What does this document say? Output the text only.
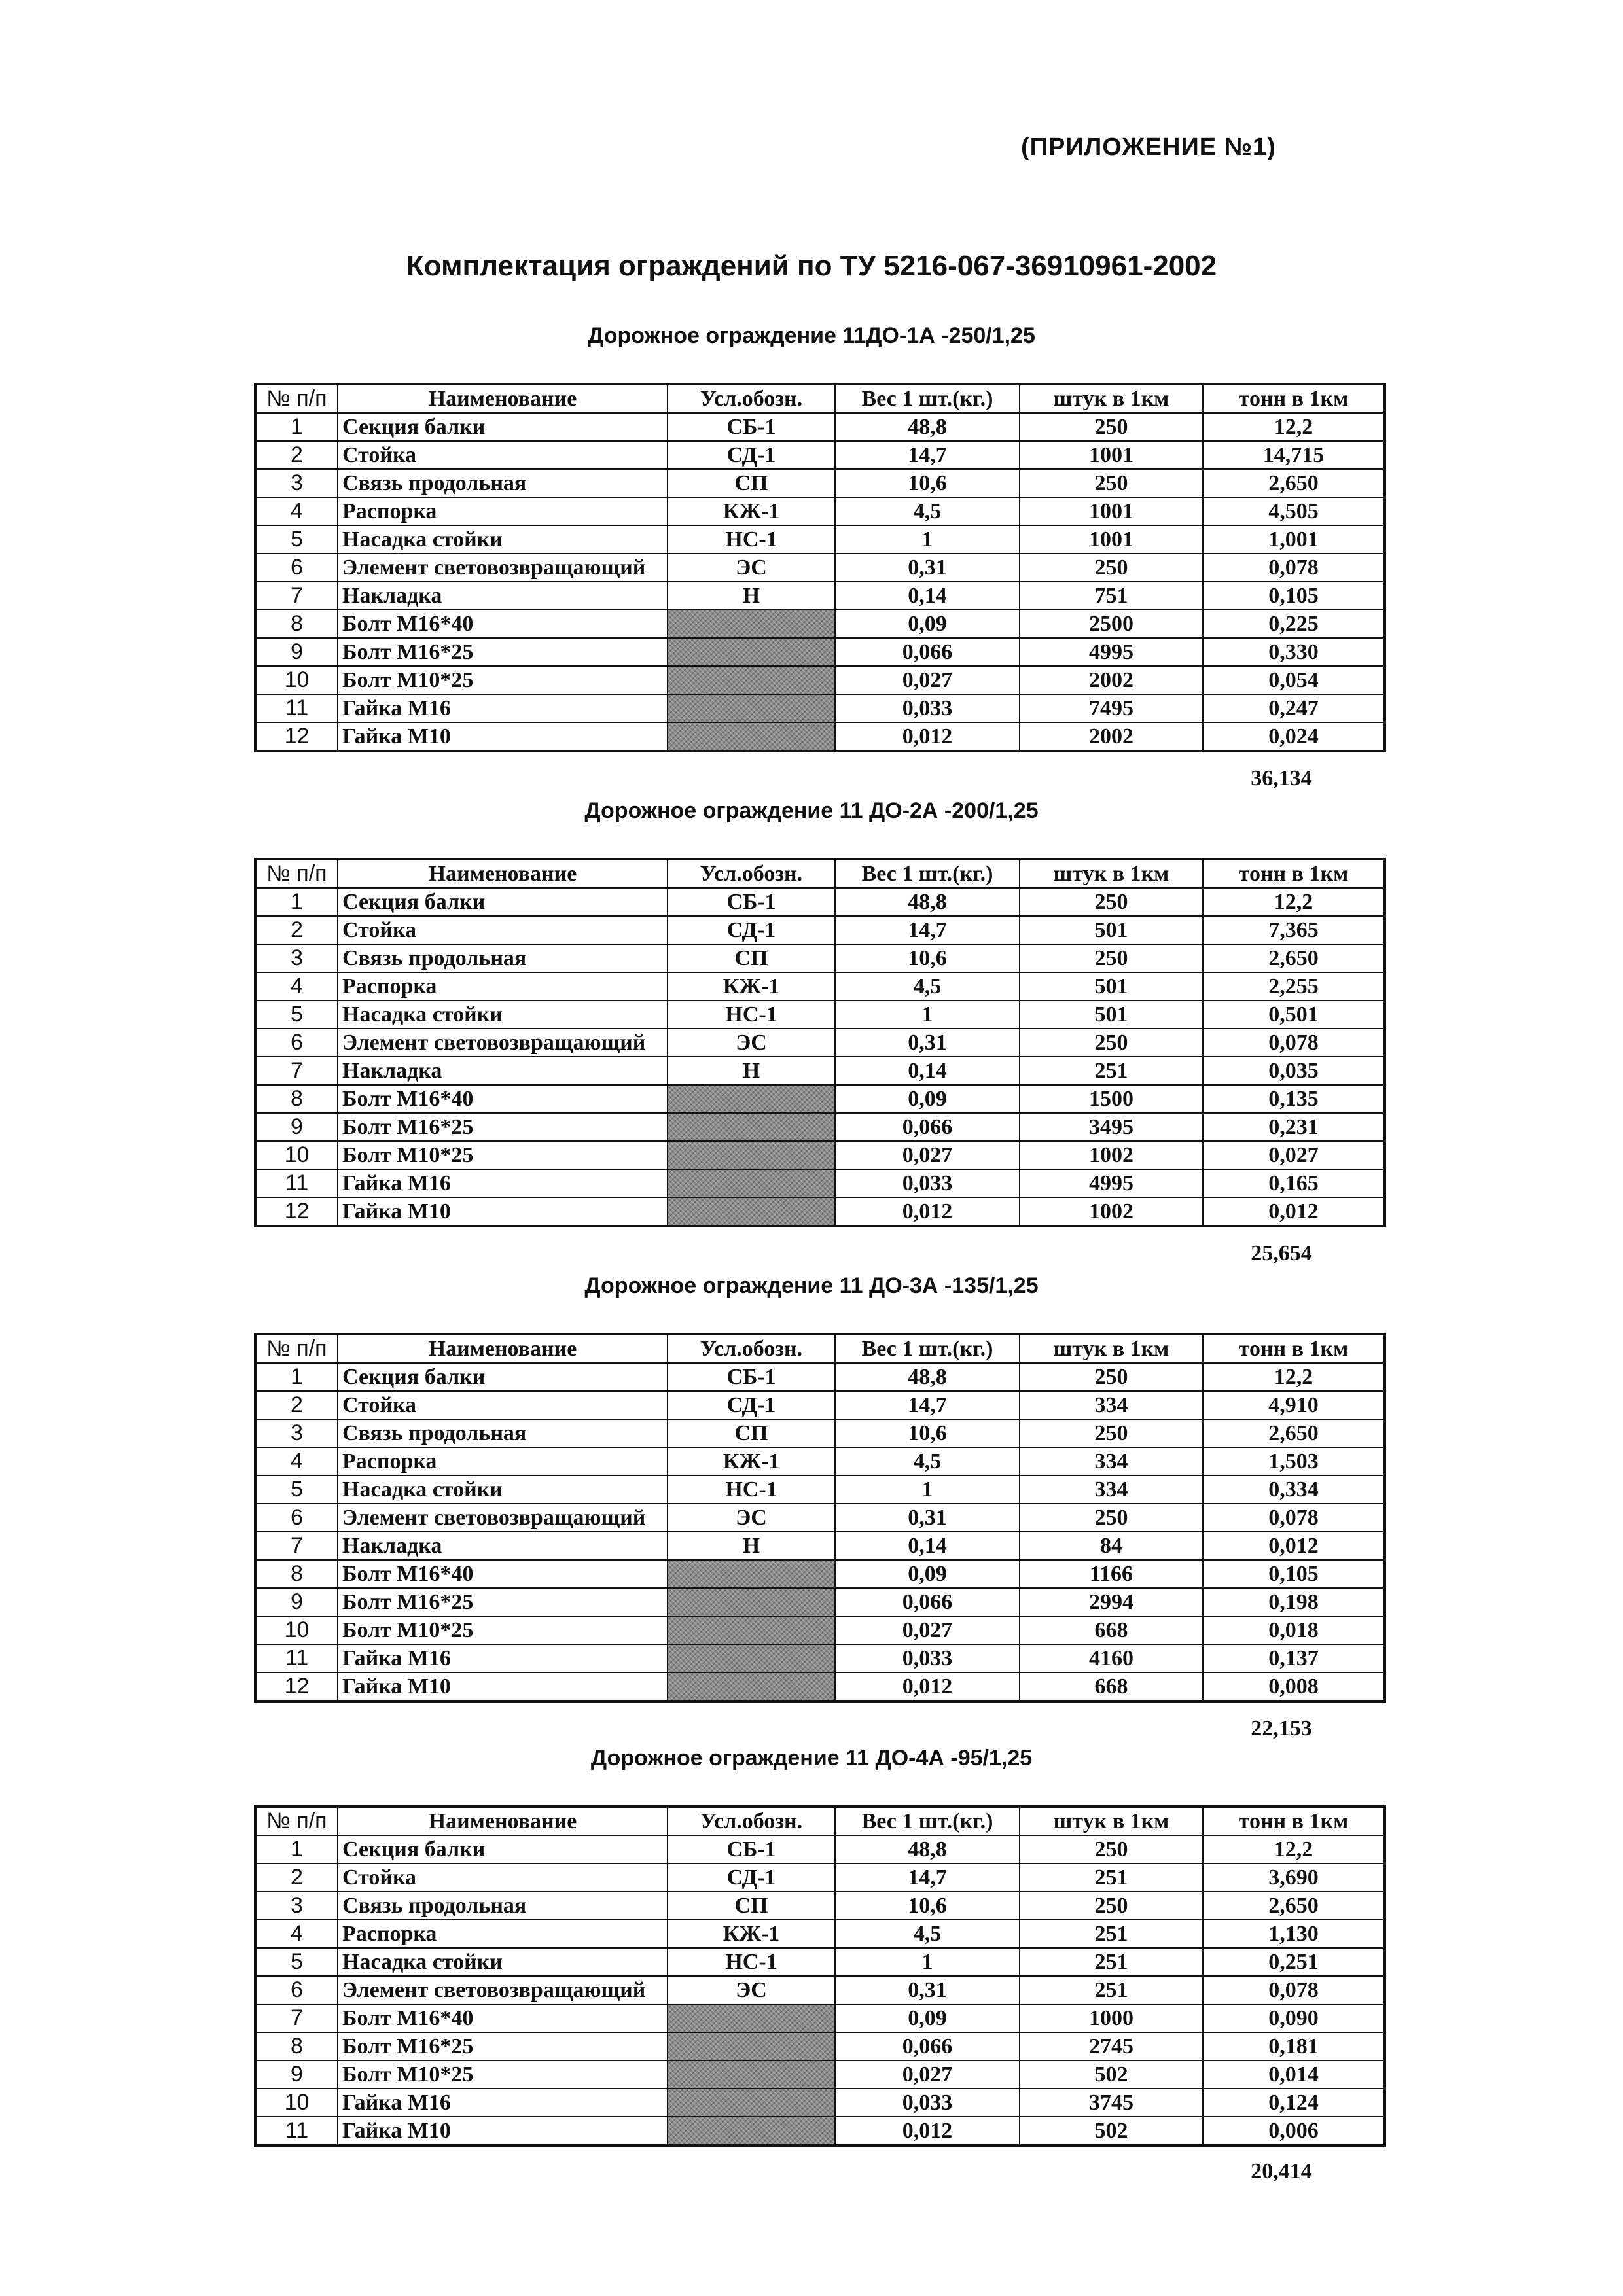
(ПРИЛОЖЕНИЕ №1)
Комплектация ограждений по ТУ 5216-067-36910961-2002
Дорожное ограждение 11ДО-1А -250/1,25
№ п/п	Наименование	Усл.обозн.	Вес 1 шт.(кг.)	штук в 1км	тонн в 1км
1	Секция балки	СБ-1	48,8	250	12,2
2	Стойка	СД-1	14,7	1001	14,715
3	Связь продольная	СП	10,6	250	2,650
4	Распорка	КЖ-1	4,5	1001	4,505
5	Насадка стойки	НС-1	1	1001	1,001
6	Элемент световозвращающий	ЭС	0,31	250	0,078
7	Накладка	Н	0,14	751	0,105
8	Болт М16*40		0,09	2500	0,225
9	Болт М16*25		0,066	4995	0,330
10	Болт М10*25		0,027	2002	0,054
11	Гайка М16		0,033	7495	0,247
12	Гайка М10		0,012	2002	0,024
36,134
Дорожное ограждение 11 ДО-2А -200/1,25
№ п/п	Наименование	Усл.обозн.	Вес 1 шт.(кг.)	штук в 1км	тонн в 1км
1	Секция балки	СБ-1	48,8	250	12,2
2	Стойка	СД-1	14,7	501	7,365
3	Связь продольная	СП	10,6	250	2,650
4	Распорка	КЖ-1	4,5	501	2,255
5	Насадка стойки	НС-1	1	501	0,501
6	Элемент световозвращающий	ЭС	0,31	250	0,078
7	Накладка	Н	0,14	251	0,035
8	Болт М16*40		0,09	1500	0,135
9	Болт М16*25		0,066	3495	0,231
10	Болт М10*25		0,027	1002	0,027
11	Гайка М16		0,033	4995	0,165
12	Гайка М10		0,012	1002	0,012
25,654
Дорожное ограждение 11 ДО-3А -135/1,25
№ п/п	Наименование	Усл.обозн.	Вес 1 шт.(кг.)	штук в 1км	тонн в 1км
1	Секция балки	СБ-1	48,8	250	12,2
2	Стойка	СД-1	14,7	334	4,910
3	Связь продольная	СП	10,6	250	2,650
4	Распорка	КЖ-1	4,5	334	1,503
5	Насадка стойки	НС-1	1	334	0,334
6	Элемент световозвращающий	ЭС	0,31	250	0,078
7	Накладка	Н	0,14	84	0,012
8	Болт М16*40		0,09	1166	0,105
9	Болт М16*25		0,066	2994	0,198
10	Болт М10*25		0,027	668	0,018
11	Гайка М16		0,033	4160	0,137
12	Гайка М10		0,012	668	0,008
22,153
Дорожное ограждение 11 ДО-4А -95/1,25
№ п/п	Наименование	Усл.обозн.	Вес 1 шт.(кг.)	штук в 1км	тонн в 1км
1	Секция балки	СБ-1	48,8	250	12,2
2	Стойка	СД-1	14,7	251	3,690
3	Связь продольная	СП	10,6	250	2,650
4	Распорка	КЖ-1	4,5	251	1,130
5	Насадка стойки	НС-1	1	251	0,251
6	Элемент световозвращающий	ЭС	0,31	251	0,078
7	Болт М16*40		0,09	1000	0,090
8	Болт М16*25		0,066	2745	0,181
9	Болт М10*25		0,027	502	0,014
10	Гайка М16		0,033	3745	0,124
11	Гайка М10		0,012	502	0,006
20,414
